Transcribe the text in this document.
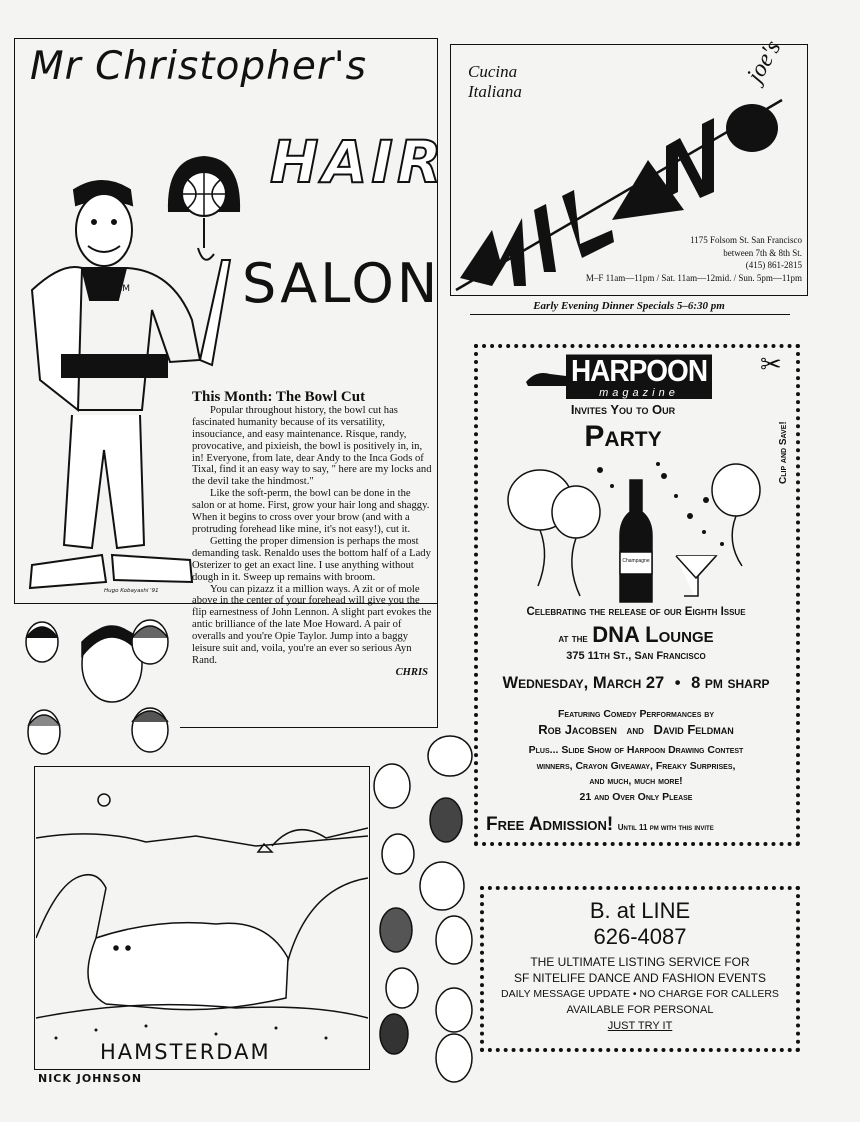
Mr Christopher's
HAIR
SALON
CM
Hugo Kobayashi '91
This Month: The Bowl Cut
Popular throughout history, the bowl cut has fascinated humanity because of its versatility, insouciance, and easy maintenance. Risque, randy, provocative, and pixieish, the bowl is positively in, in, in! Everyone, from late, dear Andy to the Inca Gods of Tixal, find it an easy way to say, " here are my locks and the devil take the hindmost."
Like the soft-perm, the bowl can be done in the salon or at home. First, grow your hair long and shaggy. When it begins to cross over your brow (and with a protruding forehead like mine, it's not easy!), cut it.
Getting the proper dimension is perhaps the most demanding task. Renaldo uses the bottom half of a Lady Osterizer to get an exact line. I use anything without dough in it. Sweep up remains with broom.
You can pizazz it a million ways. A zit or of mole above in the center of your forehead will give you the flip earnestness of John Lennon. A slight part evokes the antic brilliance of the late Moe Howard. A pair of overalls and you're Opie Taylor. Jump into a baggy leisure suit and, voila, you're an ever so serious Ayn Rand.
CHRIS
Cucina
Italiana
joe's
1175 Folsom St. San Francisco
between 7th & 8th St.
(415) 861-2815
M–F 11am—11pm / Sat. 11am—12mid. / Sun. 5pm—11pm
Early Evening Dinner Specials 5–6:30 pm
HARPOON
magazine
✂
Clip and Save!
Invites You to Our
Party
Champagne
Celebrating the release of our Eighth Issue
at the DNA Lounge
375 11th St., San Francisco
Wednesday, March 27 • 8 pm sharp
Featuring Comedy Performances by
Rob Jacobsen and David Feldman
Plus... Slide Show of Harpoon Drawing Contest
winners, Crayon Giveaway, Freaky Surprises,
and much, much more!
21 and Over Only Please
Free Admission! Until 11 pm with this invite
B. at LINE
626-4087
THE ULTIMATE LISTING SERVICE FOR
SF NITELIFE DANCE AND FASHION EVENTS
DAILY MESSAGE UPDATE • NO CHARGE FOR CALLERS
AVAILABLE FOR PERSONAL
JUST TRY IT
HAMSTERDAM
NICK JOHNSON
